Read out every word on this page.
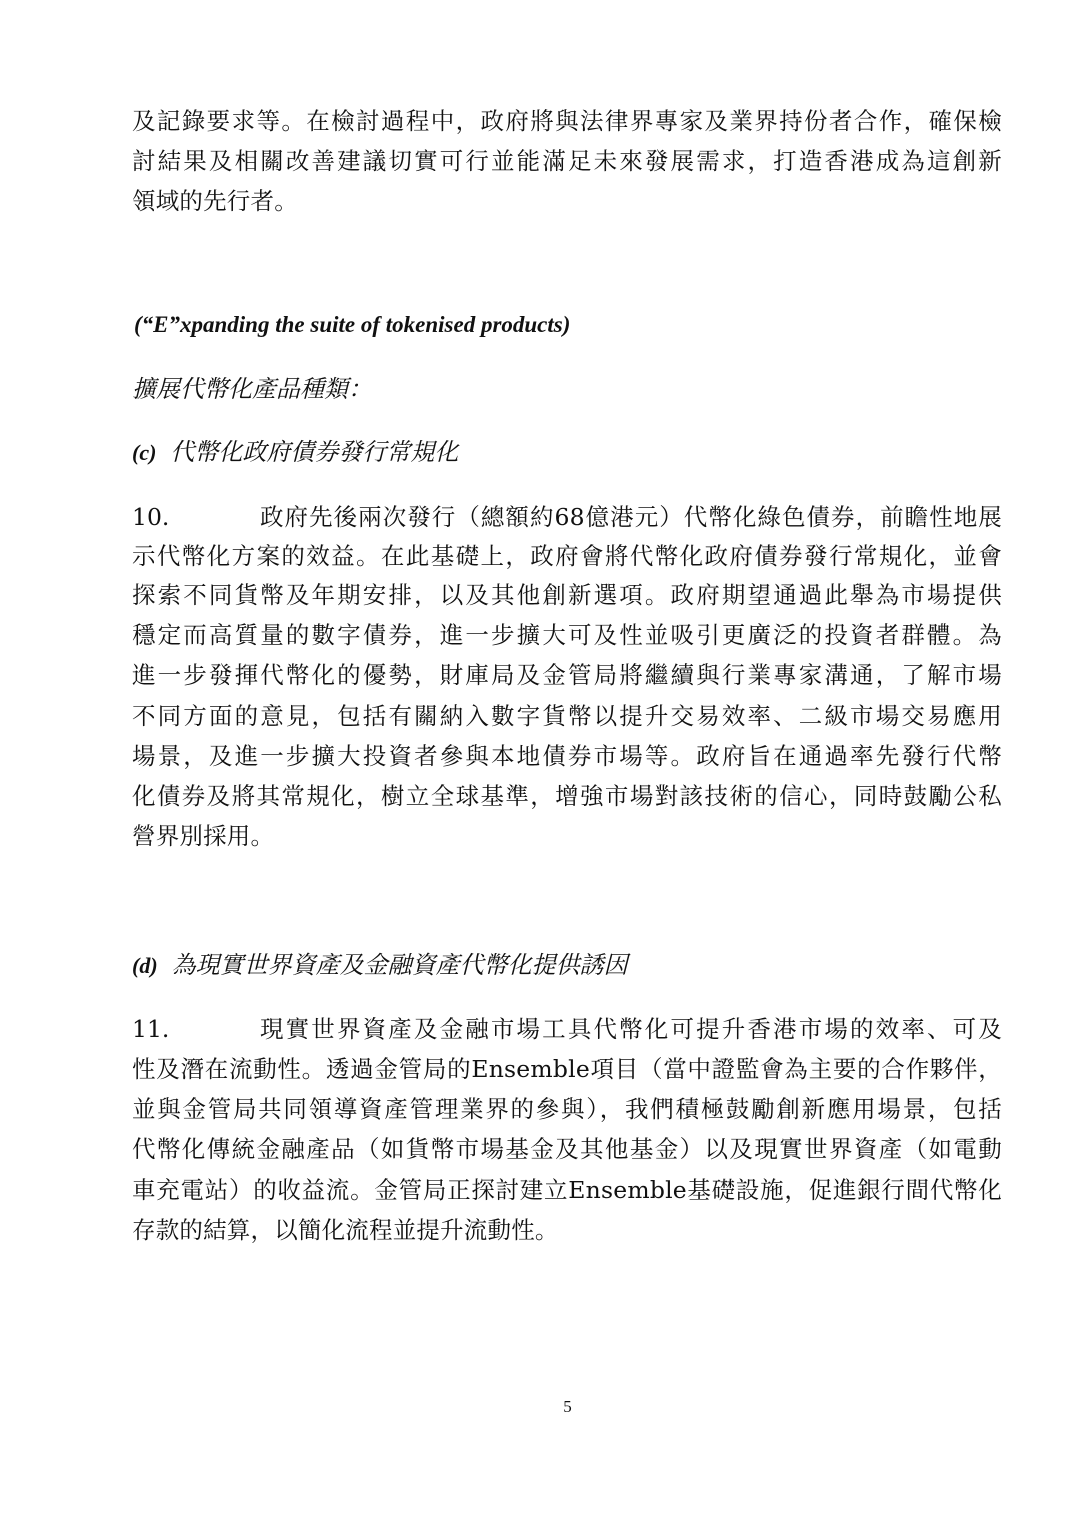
及記錄要求等。在檢討過程中，政府將與法律界專家及業界持份者合作，確保檢
討結果及相關改善建議切實可行並能滿足未來發展需求，打造香港成為這創新
領域的先行者。
(“E”xpanding the suite of tokenised products)
擴展代幣化產品種類：
(c) 代幣化政府債券發行常規化
10.	政府先後兩次發行（總額約68億港元）代幣化綠色債券，前瞻性地展
示代幣化方案的效益。在此基礎上，政府會將代幣化政府債券發行常規化，並會
探索不同貨幣及年期安排，以及其他創新選項。政府期望通過此舉為市場提供
穩定而高質量的數字債券，進一步擴大可及性並吸引更廣泛的投資者群體。為
進一步發揮代幣化的優勢，財庫局及金管局將繼續與行業專家溝通，了解市場
不同方面的意見，包括有關納入數字貨幣以提升交易效率、二級市場交易應用
場景，及進一步擴大投資者參與本地債券市場等。政府旨在通過率先發行代幣
化債券及將其常規化，樹立全球基準，增強市場對該技術的信心，同時鼓勵公私
營界別採用。
(d) 為現實世界資產及金融資產代幣化提供誘因
11.	現實世界資產及金融市場工具代幣化可提升香港市場的效率、可及
性及潛在流動性。透過金管局的Ensemble項目（當中證監會為主要的合作夥伴，
並與金管局共同領導資產管理業界的參與），我們積極鼓勵創新應用場景，包括
代幣化傳統金融產品（如貨幣市場基金及其他基金）以及現實世界資產（如電動
車充電站）的收益流。金管局正探討建立Ensemble基礎設施，促進銀行間代幣化
存款的結算，以簡化流程並提升流動性。
5
